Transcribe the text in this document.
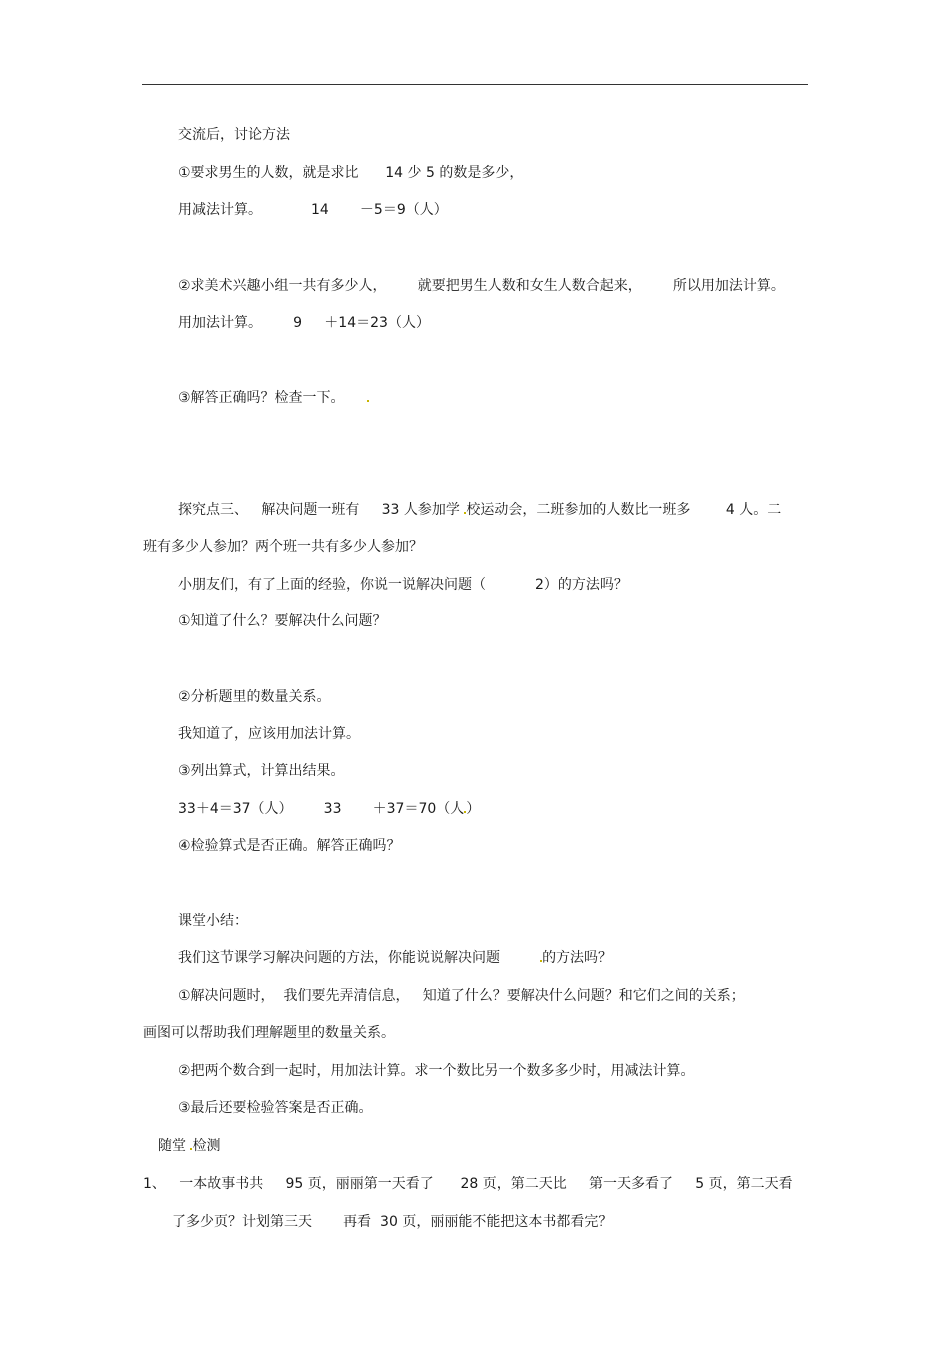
交流后，讨论方法
①要求男生的人数，就是求比      14 少 5 的数是多少，
用减法计算。           14       －5＝9（人）
②求美术兴趣小组一共有多少人，       就要把男生人数和女生人数合起来，       所以用加法计算。
用加法计算。       9     ＋14＝23（人）
③解答正确吗？检查一下。
探究点三、   解决问题一班有     33 人参加学 校运动会，二班参加的人数比一班多        4 人。二
班有多少人参加？两个班一共有多少人参加？
小朋友们，有了上面的经验，你说一说解决问题（           2）的方法吗？
①知道了什么？要解决什么问题？
②分析题里的数量关系。
我知道了，应该用加法计算。
③列出算式，计算出结果。
33＋4＝37（人）       33       ＋37＝70（人 ）
④检验算式是否正确。解答正确吗？
课堂小结：
我们这节课学习解决问题的方法，你能说说解决问题	的方法吗？
①解决问题时，  我们要先弄清信息，   知道了什么？要解决什么问题？和它们之间的关系；
画图可以帮助我们理解题里的数量关系。
②把两个数合到一起时，用加法计算。求一个数比另一个数多多少时，用减法计算。
③最后还要检验答案是否正确。
随堂 检测
1、   一本故事书共     95 页，丽丽第一天看了      28 页，第二天比     第一天多看了     5 页，第二天看
了多少页？计划第三天       再看  30 页，丽丽能不能把这本书都看完？
